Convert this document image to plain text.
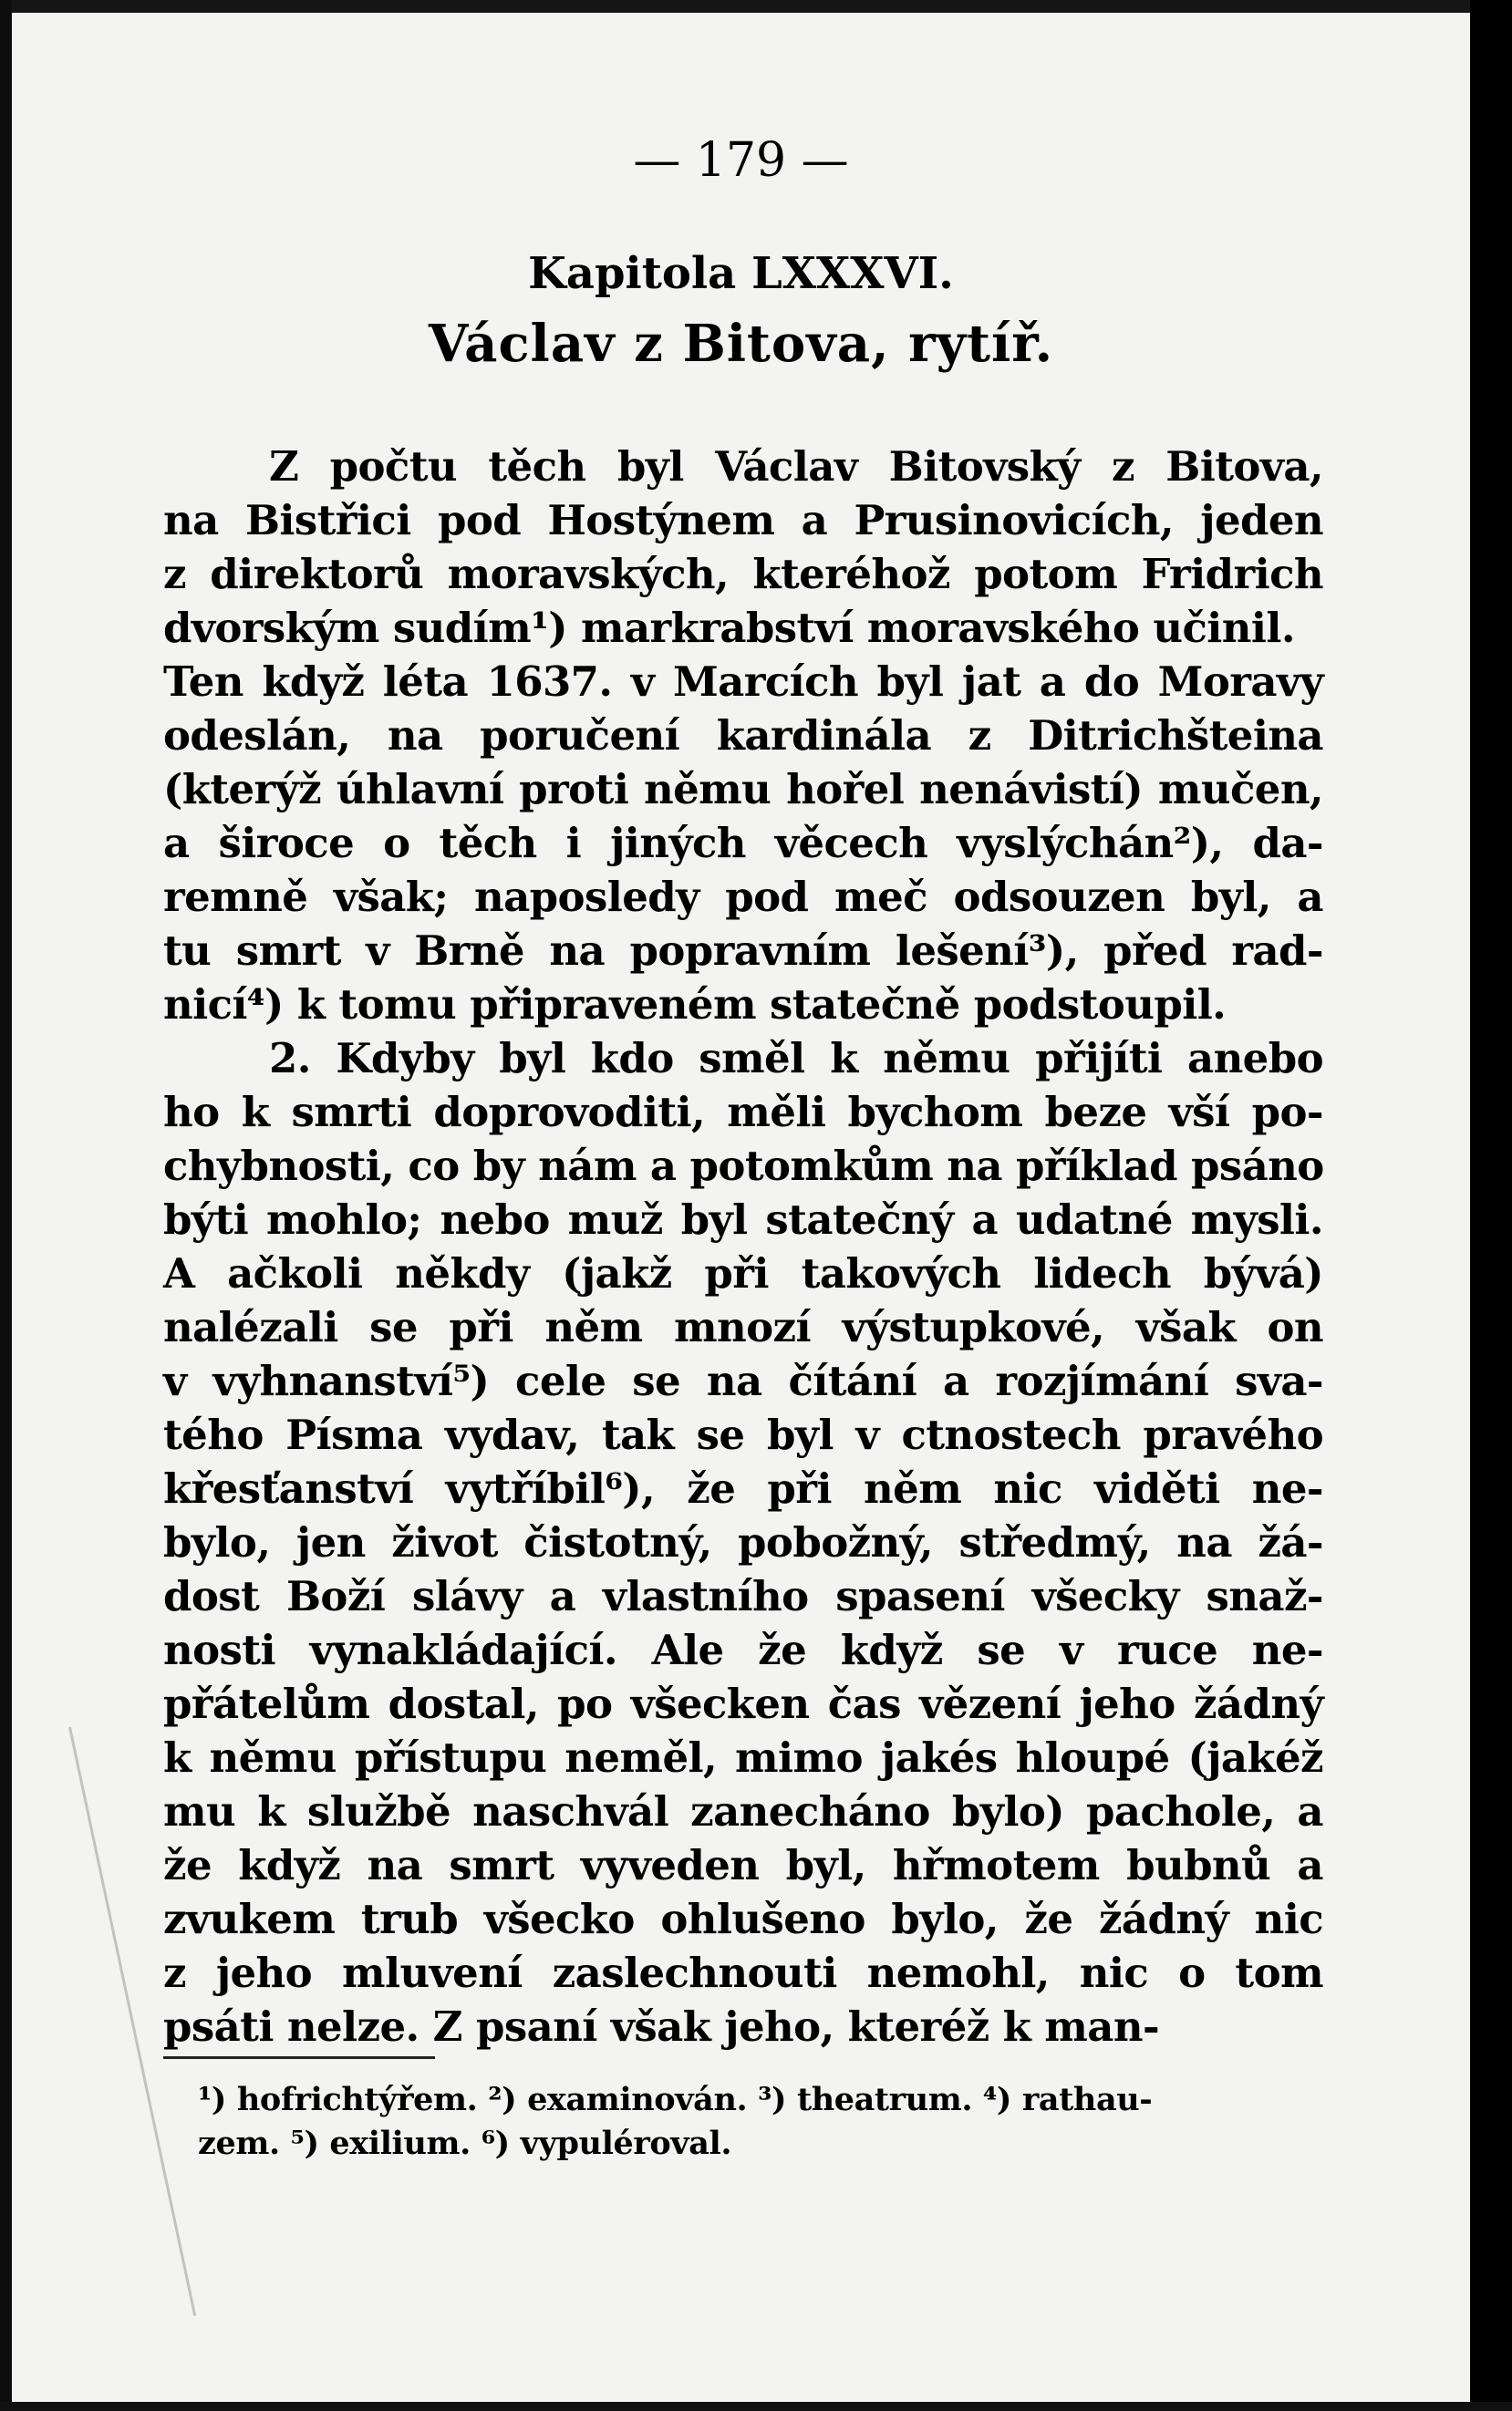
— 179 —
Kapitola LXXXVI.
Václav z Bitova, rytíř.
Z počtu těch byl Václav Bitovský z Bitova,
na Bistřici pod Hostýnem a Prusinovicích, jeden
z direktorů moravských, kteréhož potom Fridrich
dvorským sudím¹) markrabství moravského učinil.
Ten když léta 1637. v Marcích byl jat a do Moravy
odeslán, na poručení kardinála z Ditrichšteina
(kterýž úhlavní proti němu hořel nenávistí) mučen,
a široce o těch i jiných věcech vyslýchán²), da-
remně však; naposledy pod meč odsouzen byl, a
tu smrt v Brně na popravním lešení³), před rad-
nicí⁴) k tomu připraveném statečně podstoupil.
2. Kdyby byl kdo směl k němu přijíti anebo
ho k smrti doprovoditi, měli bychom beze vší po-
chybnosti, co by nám a potomkům na příklad psáno
býti mohlo; nebo muž byl statečný a udatné mysli.
A ačkoli někdy (jakž při takových lidech bývá)
nalézali se při něm mnozí výstupkové, však on
v vyhnanství⁵) cele se na čítání a rozjímání sva-
tého Písma vydav, tak se byl v ctnostech pravého
křesťanství vytříbil⁶), že při něm nic viděti ne-
bylo, jen život čistotný, pobožný, středmý, na žá-
dost Boží slávy a vlastního spasení všecky snaž-
nosti vynakládající. Ale že když se v ruce ne-
přátelům dostal, po všecken čas vězení jeho žádný
k němu přístupu neměl, mimo jakés hloupé (jakéž
mu k službě naschvál zanecháno bylo) pachole, a
že když na smrt vyveden byl, hřmotem bubnů a
zvukem trub všecko ohlušeno bylo, že žádný nic
z jeho mluvení zaslechnouti nemohl, nic o tom
psáti nelze. Z psaní však jeho, kteréž k man-
¹) hofrichtýřem. ²) examinován. ³) theatrum. ⁴) rathau-
zem. ⁵) exilium. ⁶) vypuléroval.
